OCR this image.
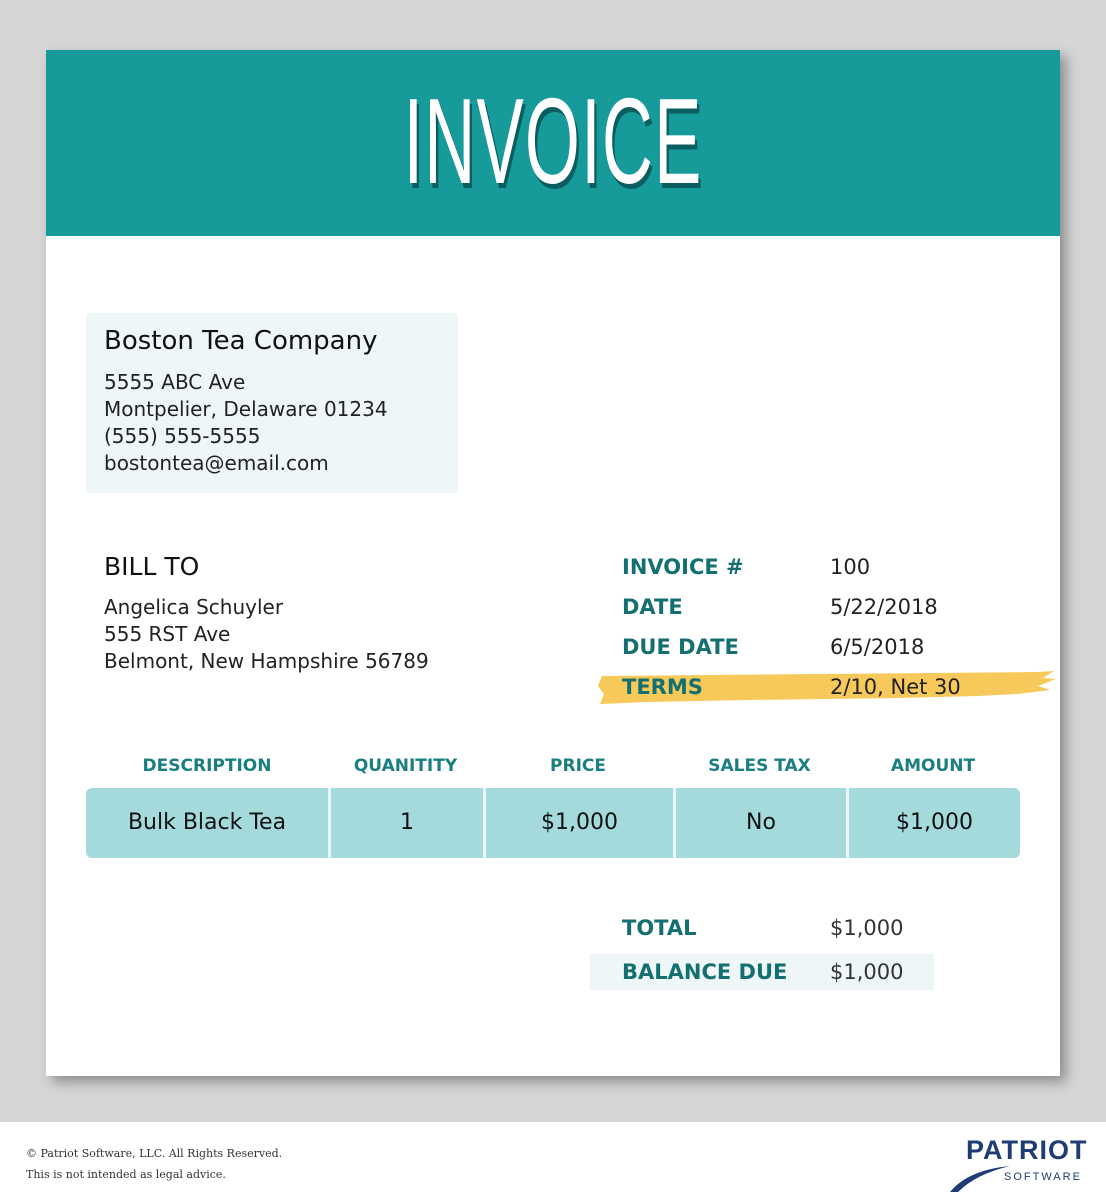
INVOICE
Boston Tea Company
5555 ABC Ave
Montpelier, Delaware 01234
(555) 555-5555
bostontea@email.com
BILL TO
Angelica Schuyler
555 RST Ave
Belmont, New Hampshire 56789
INVOICE #	100
DATE	5/22/2018
DUE DATE	6/5/2018
TERMS	2/10, Net 30
DESCRIPTION	QUANITITY	PRICE	SALES TAX	AMOUNT
Bulk Black Tea	1	$1,000	No	$1,000
TOTAL	$1,000
BALANCE DUE $1,000
© Patriot Software, LLC. All Rights Reserved.
This is not intended as legal advice.
PATRIOT
SOFTWARE
